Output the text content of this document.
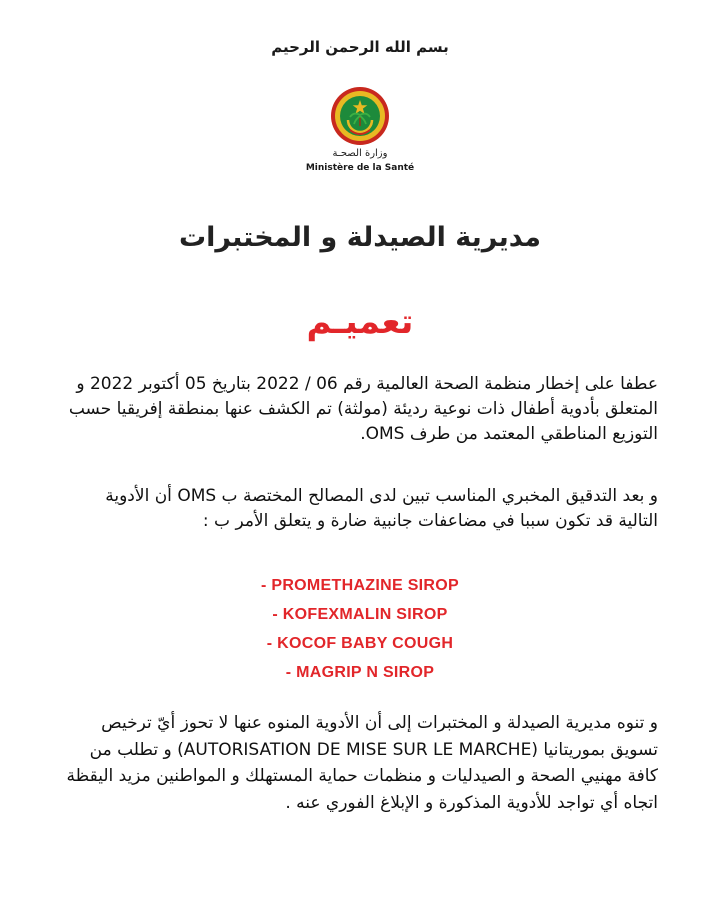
بسم الله الرحمن الرحيم
وزارة الصحـة
Ministère de la Santé
مديرية الصيدلة و المختبرات
تعميـم
عطفا على إخطار منظمة الصحة العالمية رقم 06 / 2022 بتاريخ 05 أكتوبر 2022 و المتعلق بأدوية أطفال ذات نوعية رديئة (مولثة) تم الكشف عنها بمنطقة إفريقيا حسب التوزيع المناطقي المعتمد من طرف OMS.
و بعد التدقيق المخبري المناسب تبين لدى المصالح المختصة ب OMS أن الأدوية التالية قد تكون سببا في مضاعفات جانبية ضارة و يتعلق الأمر ب :
- PROMETHAZINE SIROP
- KOFEXMALIN SIROP
- KOCOF BABY COUGH
- MAGRIP N SIROP
و تنوه مديرية الصيدلة و المختبرات إلى أن الأدوية المنوه عنها لا تحوز أيّ ترخيص تسويق بموريتانيا (AUTORISATION DE MISE SUR LE MARCHE) و تطلب من كافة مهنيي الصحة و الصيدليات و منظمات حماية المستهلك و المواطنين مزيد اليقظة اتجاه أي تواجد للأدوية المذكورة و الإبلاغ الفوري عنه .
